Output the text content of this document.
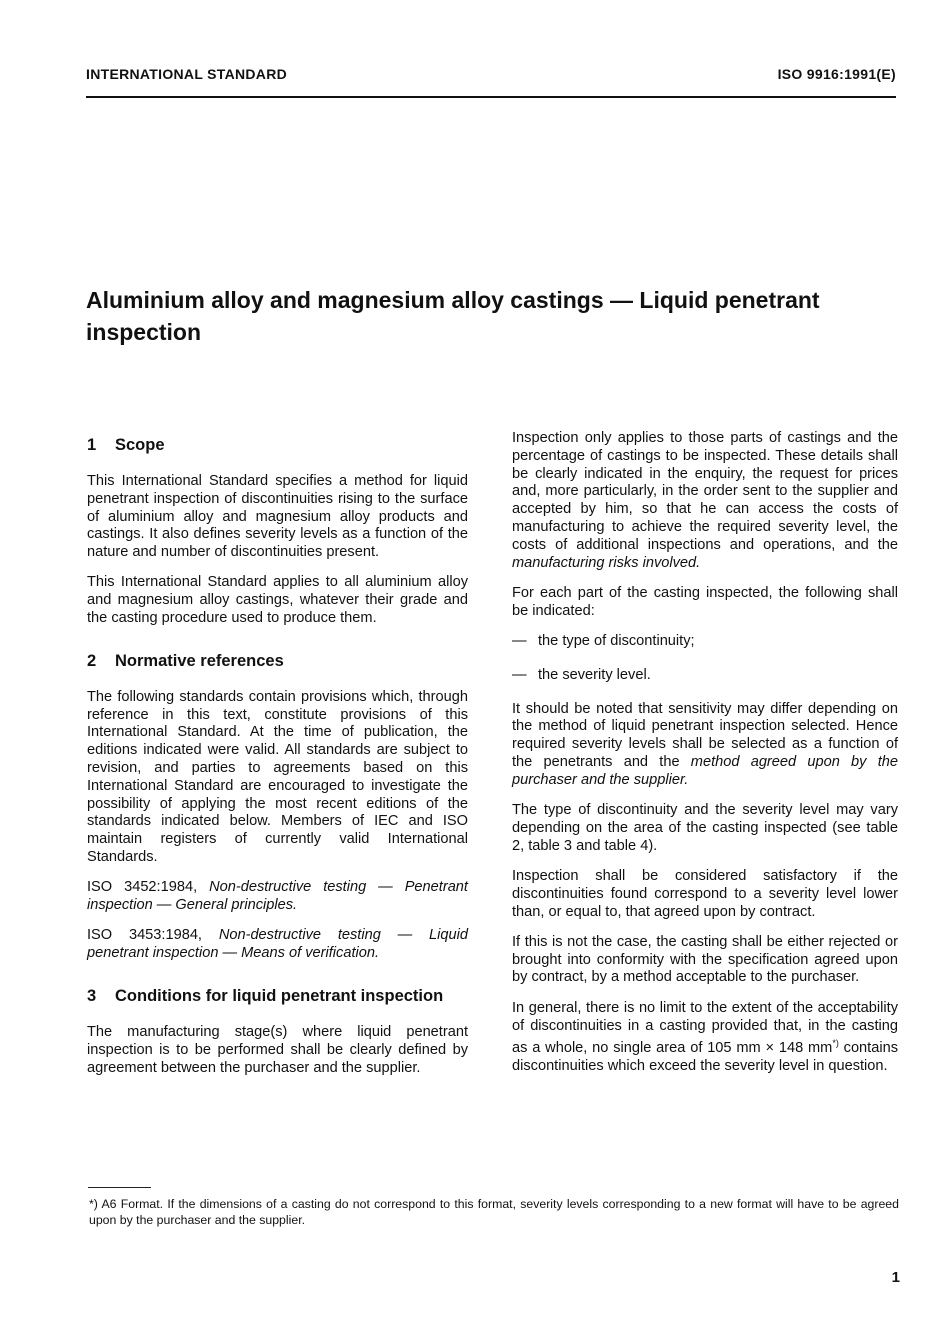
INTERNATIONAL STANDARD	ISO 9916:1991(E)
Aluminium alloy and magnesium alloy castings — Liquid penetrant inspection
1 Scope

This International Standard specifies a method for liquid penetrant inspection of discontinuities rising to the surface of aluminium alloy and magnesium alloy products and castings. It also defines severity levels as a function of the nature and number of discontinuities present.

This International Standard applies to all aluminium alloy and magnesium alloy castings, whatever their grade and the casting procedure used to produce them.

2 Normative references

The following standards contain provisions which, through reference in this text, constitute provisions of this International Standard. At the time of publication, the editions indicated were valid. All standards are subject to revision, and parties to agreements based on this International Standard are encouraged to investigate the possibility of applying the most recent editions of the standards indicated below. Members of IEC and ISO maintain registers of currently valid International Standards.

ISO 3452:1984, Non-destructive testing — Penetrant inspection — General principles.

ISO 3453:1984, Non-destructive testing — Liquid penetrant inspection — Means of verification.

3 Conditions for liquid penetrant inspection

The manufacturing stage(s) where liquid penetrant inspection is to be performed shall be clearly defined by agreement between the purchaser and the supplier.

Inspection only applies to those parts of castings and the percentage of castings to be inspected. These details shall be clearly indicated in the enquiry, the request for prices and, more particularly, in the order sent to the supplier and accepted by him, so that he can access the costs of manufacturing to achieve the required severity level, the costs of additional inspections and operations, and the manufacturing risks involved.

For each part of the casting inspected, the following shall be indicated:

— the type of discontinuity;
— the severity level.

It should be noted that sensitivity may differ depending on the method of liquid penetrant inspection selected. Hence required severity levels shall be selected as a function of the penetrants and the method agreed upon by the purchaser and the supplier.

The type of discontinuity and the severity level may vary depending on the area of the casting inspected (see table 2, table 3 and table 4).

Inspection shall be considered satisfactory if the discontinuities found correspond to a severity level lower than, or equal to, that agreed upon by contract.

If this is not the case, the casting shall be either rejected or brought into conformity with the specification agreed upon by contract, by a method acceptable to the purchaser.

In general, there is no limit to the extent of the acceptability of discontinuities in a casting provided that, in the casting as a whole, no single area of 105 mm × 148 mm*) contains discontinuities which exceed the severity level in question.

*) A6 Format. If the dimensions of a casting do not correspond to this format, severity levels corresponding to a new format will have to be agreed upon by the purchaser and the supplier.

1
